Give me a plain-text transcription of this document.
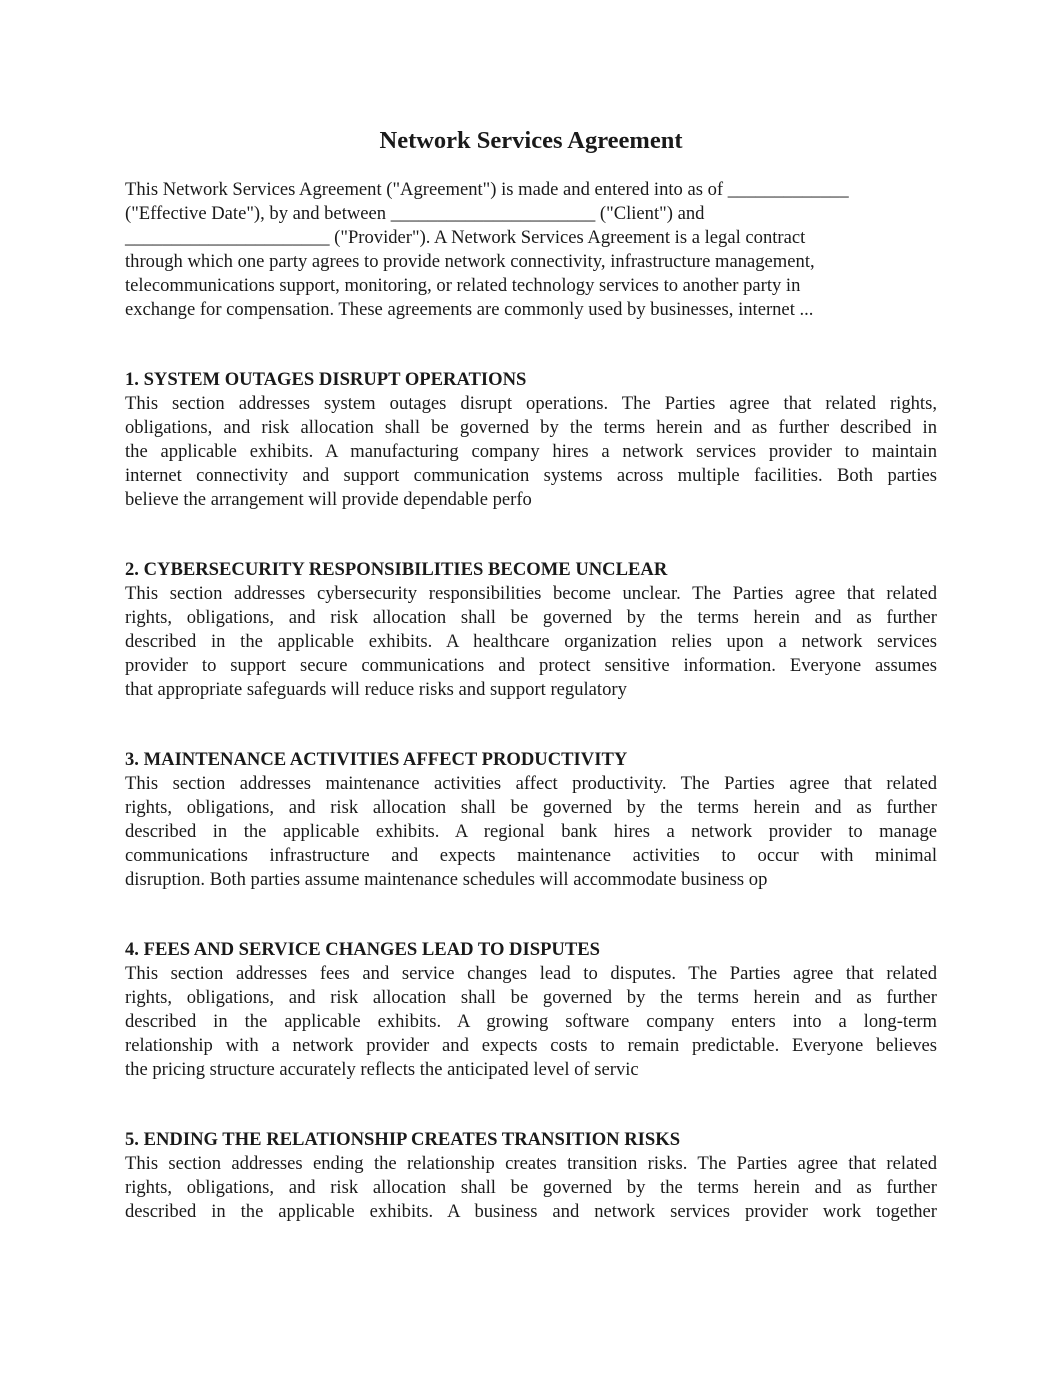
Network Services Agreement
This Network Services Agreement ("Agreement") is made and entered into as of _____________
("Effective Date"), by and between ______________________ ("Client") and
______________________ ("Provider"). A Network Services Agreement is a legal contract
through which one party agrees to provide network connectivity, infrastructure management,
telecommunications support, monitoring, or related technology services to another party in
exchange for compensation. These agreements are commonly used by businesses, internet ...
1. SYSTEM OUTAGES DISRUPT OPERATIONS
This section addresses system outages disrupt operations. The Parties agree that related rights,
obligations, and risk allocation shall be governed by the terms herein and as further described in
the applicable exhibits. A manufacturing company hires a network services provider to maintain
internet connectivity and support communication systems across multiple facilities. Both parties
believe the arrangement will provide dependable perfo
2. CYBERSECURITY RESPONSIBILITIES BECOME UNCLEAR
This section addresses cybersecurity responsibilities become unclear. The Parties agree that related
rights, obligations, and risk allocation shall be governed by the terms herein and as further
described in the applicable exhibits. A healthcare organization relies upon a network services
provider to support secure communications and protect sensitive information. Everyone assumes
that appropriate safeguards will reduce risks and support regulatory
3. MAINTENANCE ACTIVITIES AFFECT PRODUCTIVITY
This section addresses maintenance activities affect productivity. The Parties agree that related
rights, obligations, and risk allocation shall be governed by the terms herein and as further
described in the applicable exhibits. A regional bank hires a network provider to manage
communications infrastructure and expects maintenance activities to occur with minimal
disruption. Both parties assume maintenance schedules will accommodate business op
4. FEES AND SERVICE CHANGES LEAD TO DISPUTES
This section addresses fees and service changes lead to disputes. The Parties agree that related
rights, obligations, and risk allocation shall be governed by the terms herein and as further
described in the applicable exhibits. A growing software company enters into a long-term
relationship with a network provider and expects costs to remain predictable. Everyone believes
the pricing structure accurately reflects the anticipated level of servic
5. ENDING THE RELATIONSHIP CREATES TRANSITION RISKS
This section addresses ending the relationship creates transition risks. The Parties agree that related
rights, obligations, and risk allocation shall be governed by the terms herein and as further
described in the applicable exhibits. A business and network services provider work together
